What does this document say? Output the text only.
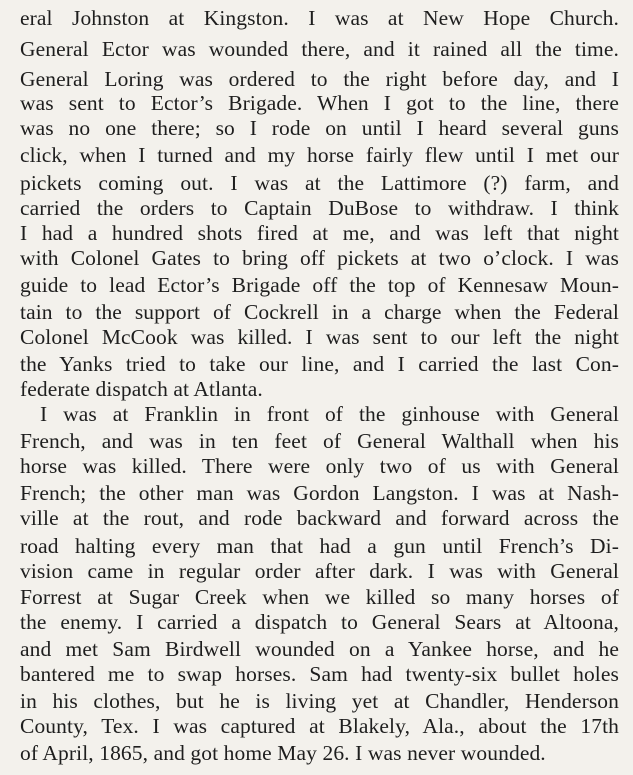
eral Johnston at Kingston. I was at New Hope Church.
General Ector was wounded there, and it rained all the time.
General Loring was ordered to the right before day, and I
was sent to Ector’s Brigade. When I got to the line, there
was no one there; so I rode on until I heard several guns
click, when I turned and my horse fairly flew until I met our
pickets coming out. I was at the Lattimore (?) farm, and
carried the orders to Captain DuBose to withdraw. I think
I had a hundred shots fired at me, and was left that night
with Colonel Gates to bring off pickets at two o’clock. I was
guide to lead Ector’s Brigade off the top of Kennesaw Moun-
tain to the support of Cockrell in a charge when the Federal
Colonel McCook was killed. I was sent to our left the night
the Yanks tried to take our line, and I carried the last Con-
federate dispatch at Atlanta.
I was at Franklin in front of the ginhouse with General
French, and was in ten feet of General Walthall when his
horse was killed. There were only two of us with General
French; the other man was Gordon Langston. I was at Nash-
ville at the rout, and rode backward and forward across the
road halting every man that had a gun until French’s Di-
vision came in regular order after dark. I was with General
Forrest at Sugar Creek when we killed so many horses of
the enemy. I carried a dispatch to General Sears at Altoona,
and met Sam Birdwell wounded on a Yankee horse, and he
bantered me to swap horses. Sam had twenty-six bullet holes
in his clothes, but he is living yet at Chandler, Henderson
County, Tex. I was captured at Blakely, Ala., about the 17th
of April, 1865, and got home May 26. I was never wounded.
